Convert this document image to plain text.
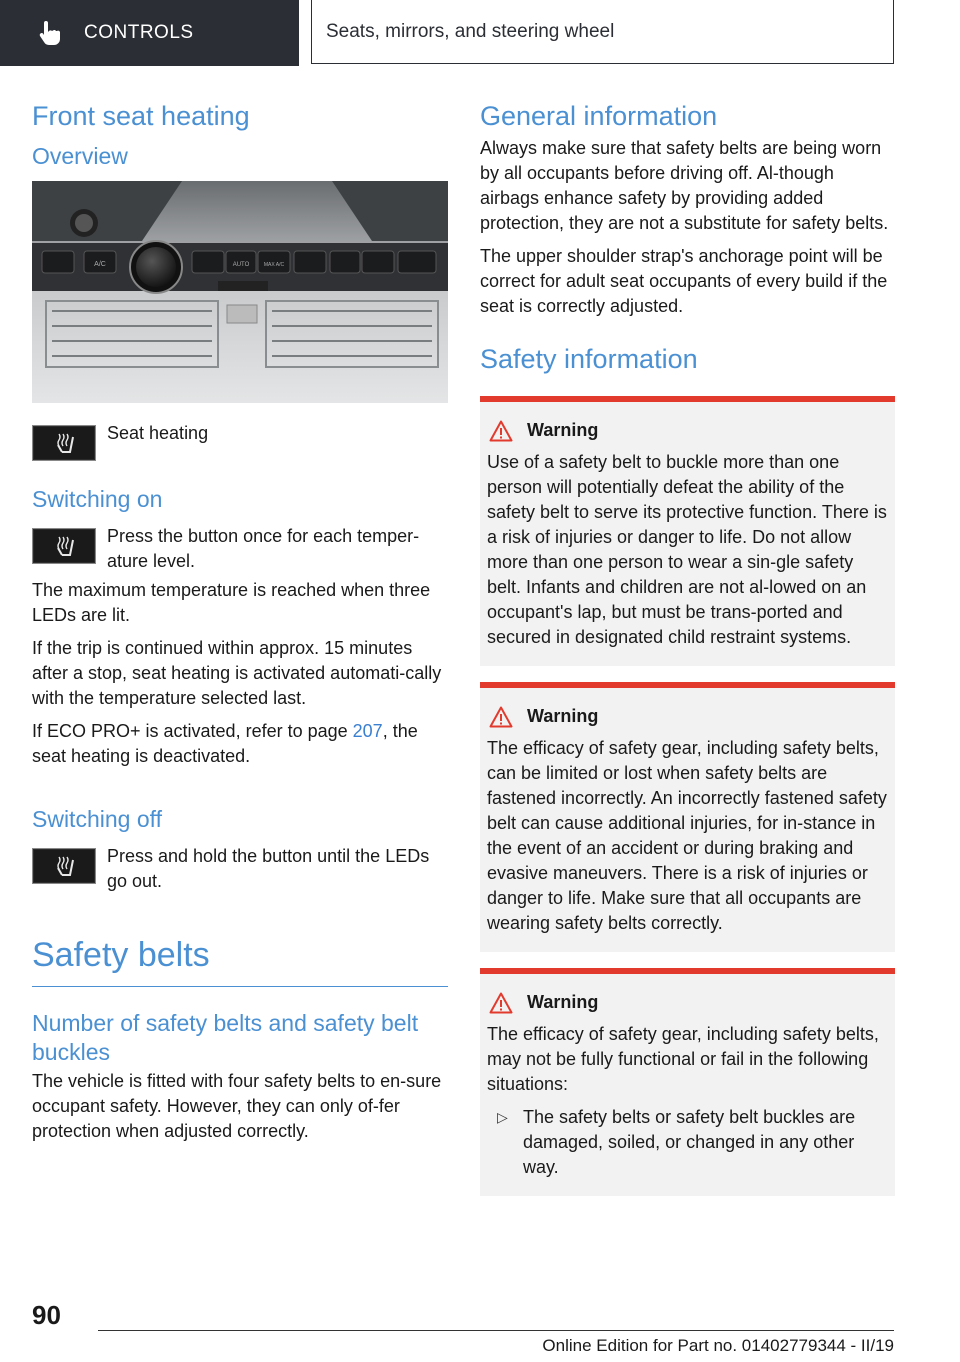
CONTROLS	Seats, mirrors, and steering wheel
Front seat heating
Overview
A/C	AUTO	MAX A/C
Seat heating
Switching on
Press the button once for each temper‐ature level.

The maximum temperature is reached when three LEDs are lit.

If the trip is continued within approx. 15 minutes after a stop, seat heating is activated automati‐cally with the temperature selected last.

If ECO PRO+ is activated, refer to page 207, the seat heating is deactivated.

Switching off
Press and hold the button until the LEDs go out.
Safety belts
Number of safety belts and safety belt buckles

The vehicle is fitted with four safety belts to en‐sure occupant safety. However, they can only of‐fer protection when adjusted correctly.

General information

Always make sure that safety belts are being worn by all occupants before driving off. Al‐though airbags enhance safety by providing added protection, they are not a substitute for safety belts.

The upper shoulder strap's anchorage point will be correct for adult seat occupants of every build if the seat is correctly adjusted.

Safety information
Warning

Use of a safety belt to buckle more than one person will potentially defeat the ability of the safety belt to serve its protective function. There is a risk of injuries or danger to life. Do not allow more than one person to wear a sin‐gle safety belt. Infants and children are not al‐lowed on an occupant's lap, but must be trans‐ported and secured in designated child restraint systems.

Warning

The efficacy of safety gear, including safety belts, can be limited or lost when safety belts are fastened incorrectly. An incorrectly fastened safety belt can cause additional injuries, for in‐stance in the event of an accident or during braking and evasive maneuvers. There is a risk of injuries or danger to life. Make sure that all occupants are wearing safety belts correctly.

Warning

The efficacy of safety gear, including safety belts, may not be fully functional or fail in the following situations:

▷ The safety belts or safety belt buckles are damaged, soiled, or changed in any other way.
90
Online Edition for Part no. 01402779344 - II/19
